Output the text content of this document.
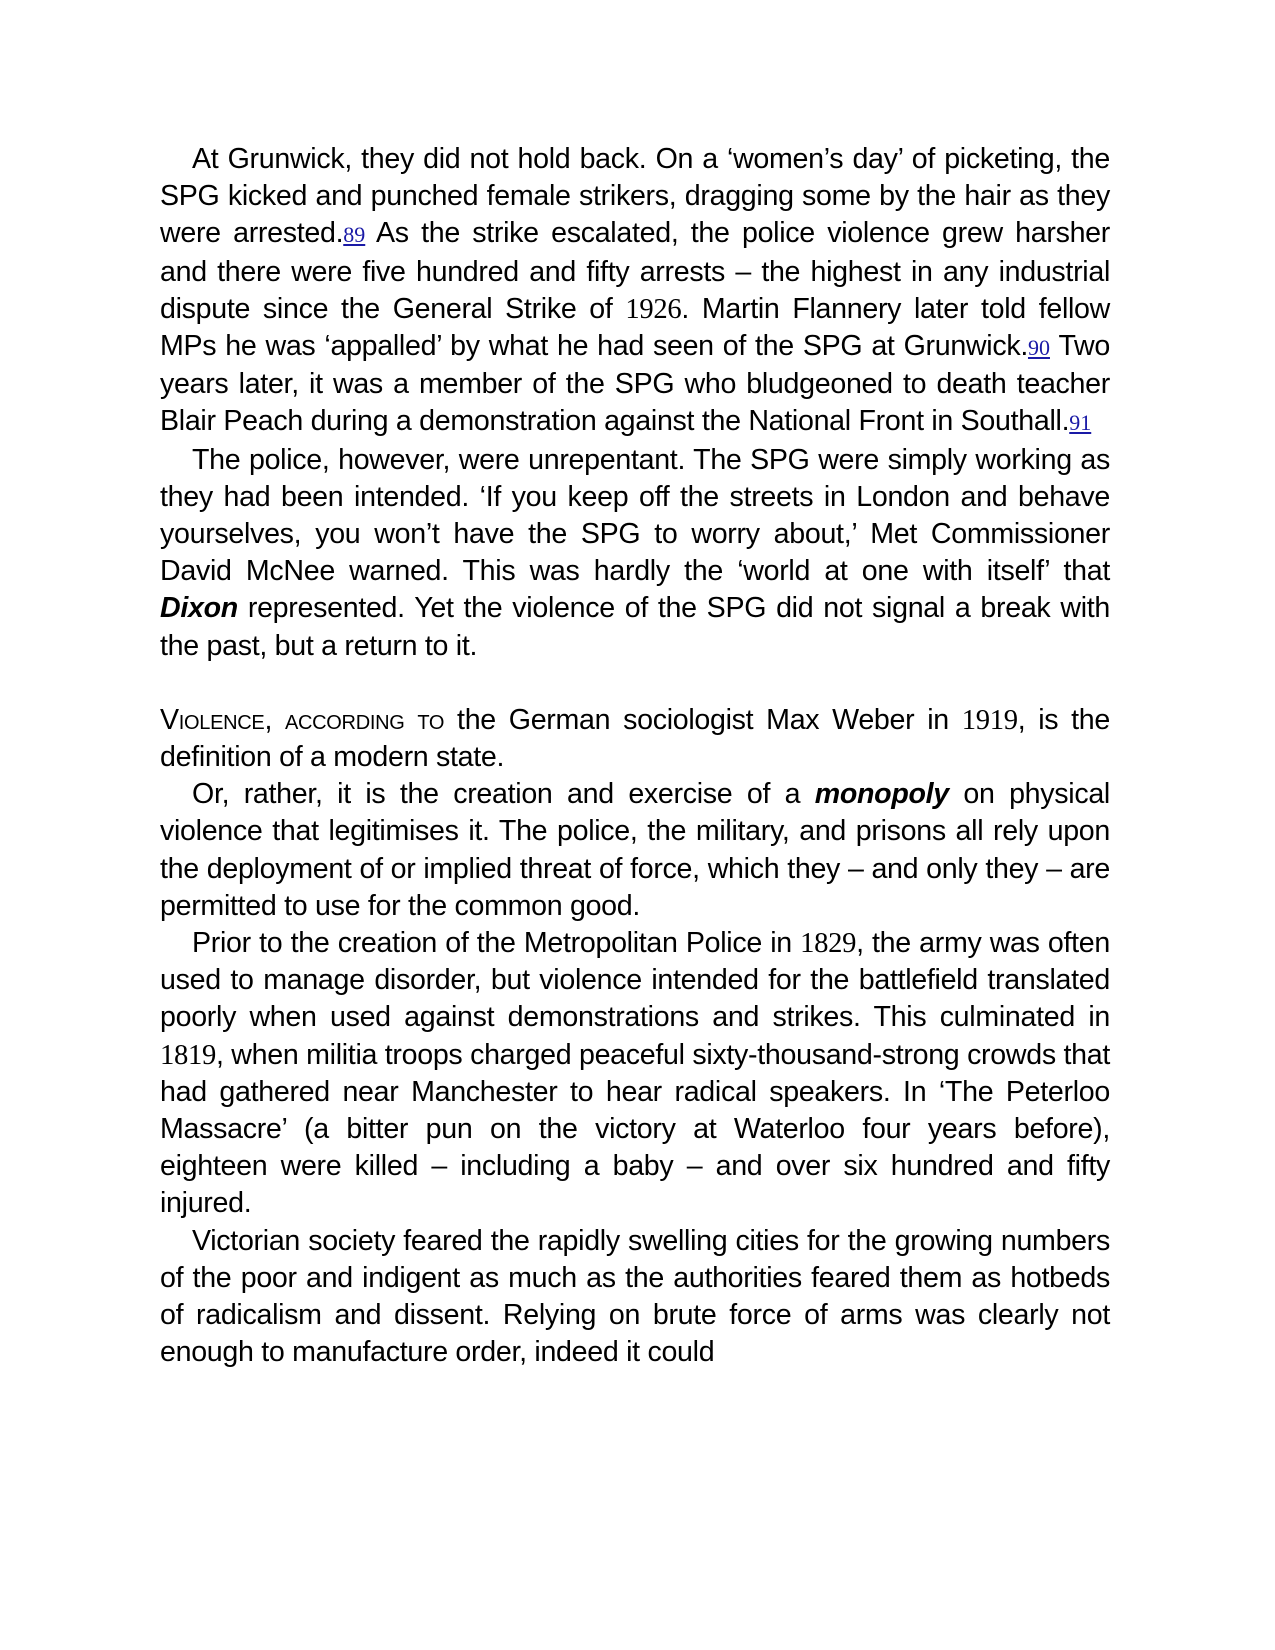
At Grunwick, they did not hold back. On a ‘women’s day’ of picketing, the SPG kicked and punched female strikers, dragging some by the hair as they were arrested.89 As the strike escalated, the police violence grew harsher and there were five hundred and fifty arrests – the highest in any industrial dispute since the General Strike of 1926. Martin Flannery later told fellow MPs he was ‘appalled’ by what he had seen of the SPG at Grunwick.90 Two years later, it was a member of the SPG who bludgeoned to death teacher Blair Peach during a demonstration against the National Front in Southall.91

The police, however, were unrepentant. The SPG were simply working as they had been intended. ‘If you keep off the streets in London and behave yourselves, you won’t have the SPG to worry about,’ Met Commissioner David McNee warned. This was hardly the ‘world at one with itself’ that Dixon represented. Yet the violence of the SPG did not signal a break with the past, but a return to it.

Violence, according to the German sociologist Max Weber in 1919, is the definition of a modern state.

Or, rather, it is the creation and exercise of a monopoly on physical violence that legitimises it. The police, the military, and prisons all rely upon the deployment of or implied threat of force, which they – and only they – are permitted to use for the common good.

Prior to the creation of the Metropolitan Police in 1829, the army was often used to manage disorder, but violence intended for the battlefield translated poorly when used against demonstrations and strikes. This culminated in 1819, when militia troops charged peaceful sixty-thousand-strong crowds that had gathered near Manchester to hear radical speakers. In ‘The Peterloo Massacre’ (a bitter pun on the victory at Waterloo four years before), eighteen were killed – including a baby – and over six hundred and fifty injured.

Victorian society feared the rapidly swelling cities for the growing numbers of the poor and indigent as much as the authorities feared them as hotbeds of radicalism and dissent. Relying on brute force of arms was clearly not enough to manufacture order, indeed it could
